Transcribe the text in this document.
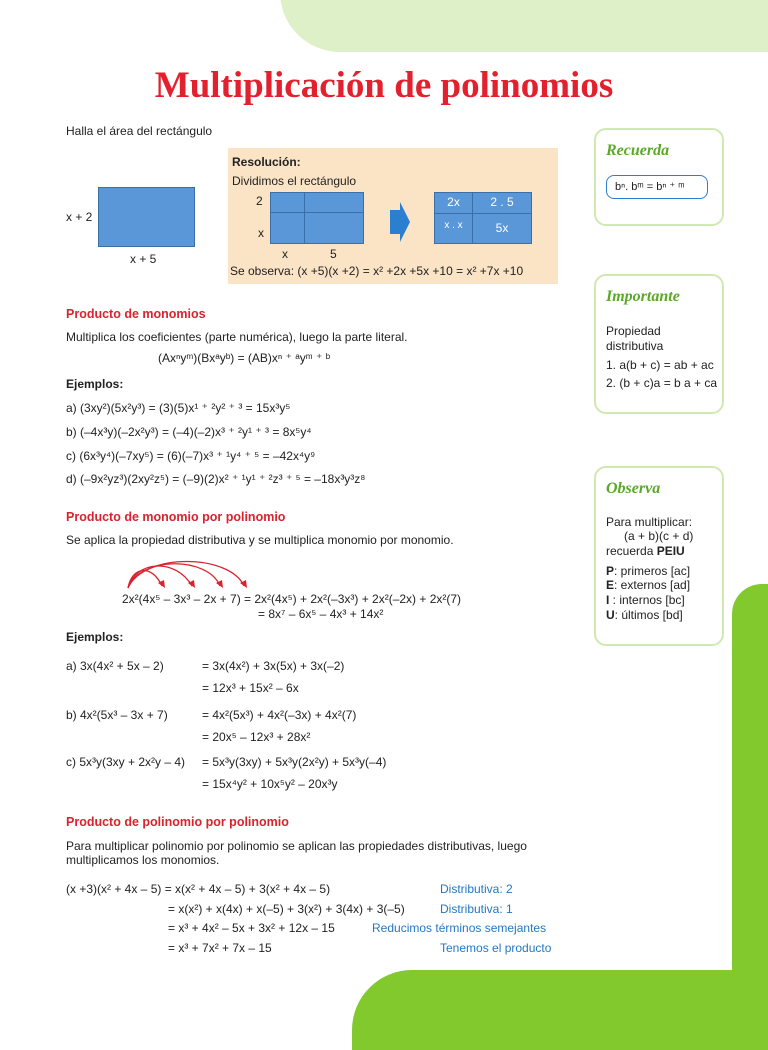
Multiplicación de polinomios
Halla el área del rectángulo
x + 2
x + 5
Resolución:
Dividimos el rectángulo
2
x
x	5
Se observa: (x +5)(x +2) = x² +2x +5x +10 = x² +7x +10
2x	2 . 5
x . x	5x
Producto de monomios
Multiplica los coeficientes (parte numérica), luego la parte literal.
(Axⁿyᵐ)(Bxᵃyᵇ) = (AB)xⁿ ⁺ ᵃyᵐ ⁺ ᵇ
Ejemplos:
a) (3xy²)(5x²y³) = (3)(5)x¹ ⁺ ²y² ⁺ ³ = 15x³y⁵
b) (–4x³y)(–2x²y³) = (–4)(–2)x³ ⁺ ²y¹ ⁺ ³ = 8x⁵y⁴
c) (6x³y⁴)(–7xy⁵) = (6)(–7)x³ ⁺ ¹y⁴ ⁺ ⁵ = –42x⁴y⁹
d) (–9x²yz³)(2xy²z⁵) = (–9)(2)x² ⁺ ¹y¹ ⁺ ²z³ ⁺ ⁵ = –18x³y³z⁸
Producto de monomio por polinomio
Se aplica la propiedad distributiva y se multiplica monomio por monomio.
2x²(4x⁵ – 3x³ – 2x + 7) = 2x²(4x⁵) + 2x²(–3x³) + 2x²(–2x) + 2x²(7)
= 8x⁷ – 6x⁵ – 4x³ + 14x²
Ejemplos:
a) 3x(4x² + 5x – 2)	= 3x(4x²) + 3x(5x) + 3x(–2)
= 12x³ + 15x² – 6x
b) 4x²(5x³ – 3x + 7)	= 4x²(5x³) + 4x²(–3x) + 4x²(7)
= 20x⁵ – 12x³ + 28x²
c) 5x³y(3xy + 2x²y – 4) = 5x³y(3xy) + 5x³y(2x²y) + 5x³y(–4)
= 15x⁴y² + 10x⁵y² – 20x³y
Producto de polinomio por polinomio
Para multiplicar polinomio por polinomio se aplican las propiedades distributivas, luego
multiplicamos los monomios.
(x +3)(x² + 4x – 5) = x(x² + 4x – 5) + 3(x² + 4x – 5)	Distributiva: 2
= x(x²) + x(4x) + x(–5) + 3(x²) + 3(4x) + 3(–5)	Distributiva: 1
= x³ + 4x² – 5x + 3x² + 12x – 15	Reducimos términos semejantes
= x³ + 7x² + 7x – 15	Tenemos el producto
Recuerda
bⁿ. bᵐ = bⁿ ⁺ ᵐ
Importante
Propiedad
distributiva
1. a(b + c) = ab + ac
2. (b + c)a = b a + ca
Observa
Para multiplicar:
(a + b)(c + d)
recuerda PEIU
P: primeros [ac]
E: externos [ad]
I : internos [bc]
U: últimos [bd]
